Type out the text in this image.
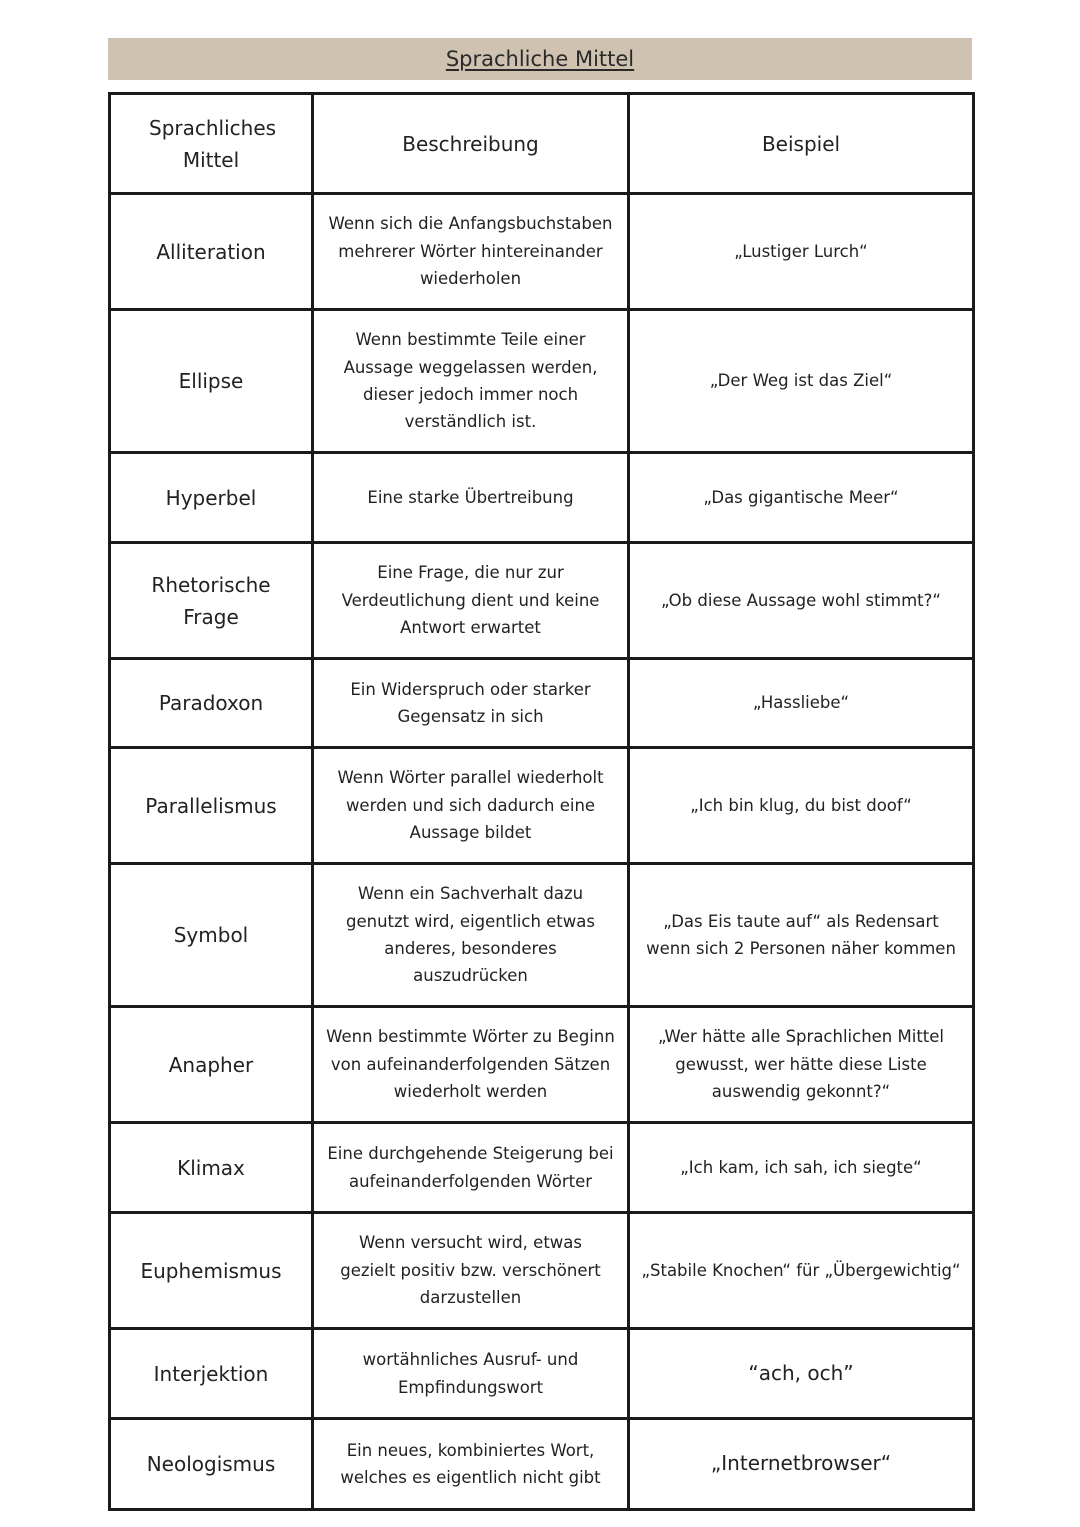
Sprachliche Mittel
Sprachliches Mittel	Beschreibung	Beispiel

Alliteration	Wenn sich die Anfangsbuchstaben mehrerer Wörter hintereinander wiederholen	„Lustiger Lurch“

Ellipse	Wenn bestimmte Teile einer Aussage weggelassen werden, dieser jedoch immer noch verständlich ist.	„Der Weg ist das Ziel“

Hyperbel	Eine starke Übertreibung	„Das gigantische Meer“

Rhetorische Frage	Eine Frage, die nur zur Verdeutlichung dient und keine Antwort erwartet	„Ob diese Aussage wohl stimmt?“

Paradoxon	Ein Widerspruch oder starker Gegensatz in sich	„Hassliebe“

Parallelismus	Wenn Wörter parallel wiederholt werden und sich dadurch eine Aussage bildet	„Ich bin klug, du bist doof“

Symbol	Wenn ein Sachverhalt dazu genutzt wird, eigentlich etwas anderes, besonderes auszudrücken	„Das Eis taute auf“ als Redensart wenn sich 2 Personen näher kommen

Anapher	Wenn bestimmte Wörter zu Beginn von aufeinanderfolgenden Sätzen wiederholt werden	„Wer hätte alle Sprachlichen Mittel gewusst, wer hätte diese Liste auswendig gekonnt?“

Klimax	Eine durchgehende Steigerung bei aufeinanderfolgenden Wörter	„Ich kam, ich sah, ich siegte“

Euphemismus	Wenn versucht wird, etwas gezielt positiv bzw. verschönert darzustellen	„Stabile Knochen“ für „Übergewichtig“

Interjektion	wortähnliches Ausruf- und Empfindungswort	“ach, och”

Neologismus	Ein neues, kombiniertes Wort, welches es eigentlich nicht gibt	„Internetbrowser“
